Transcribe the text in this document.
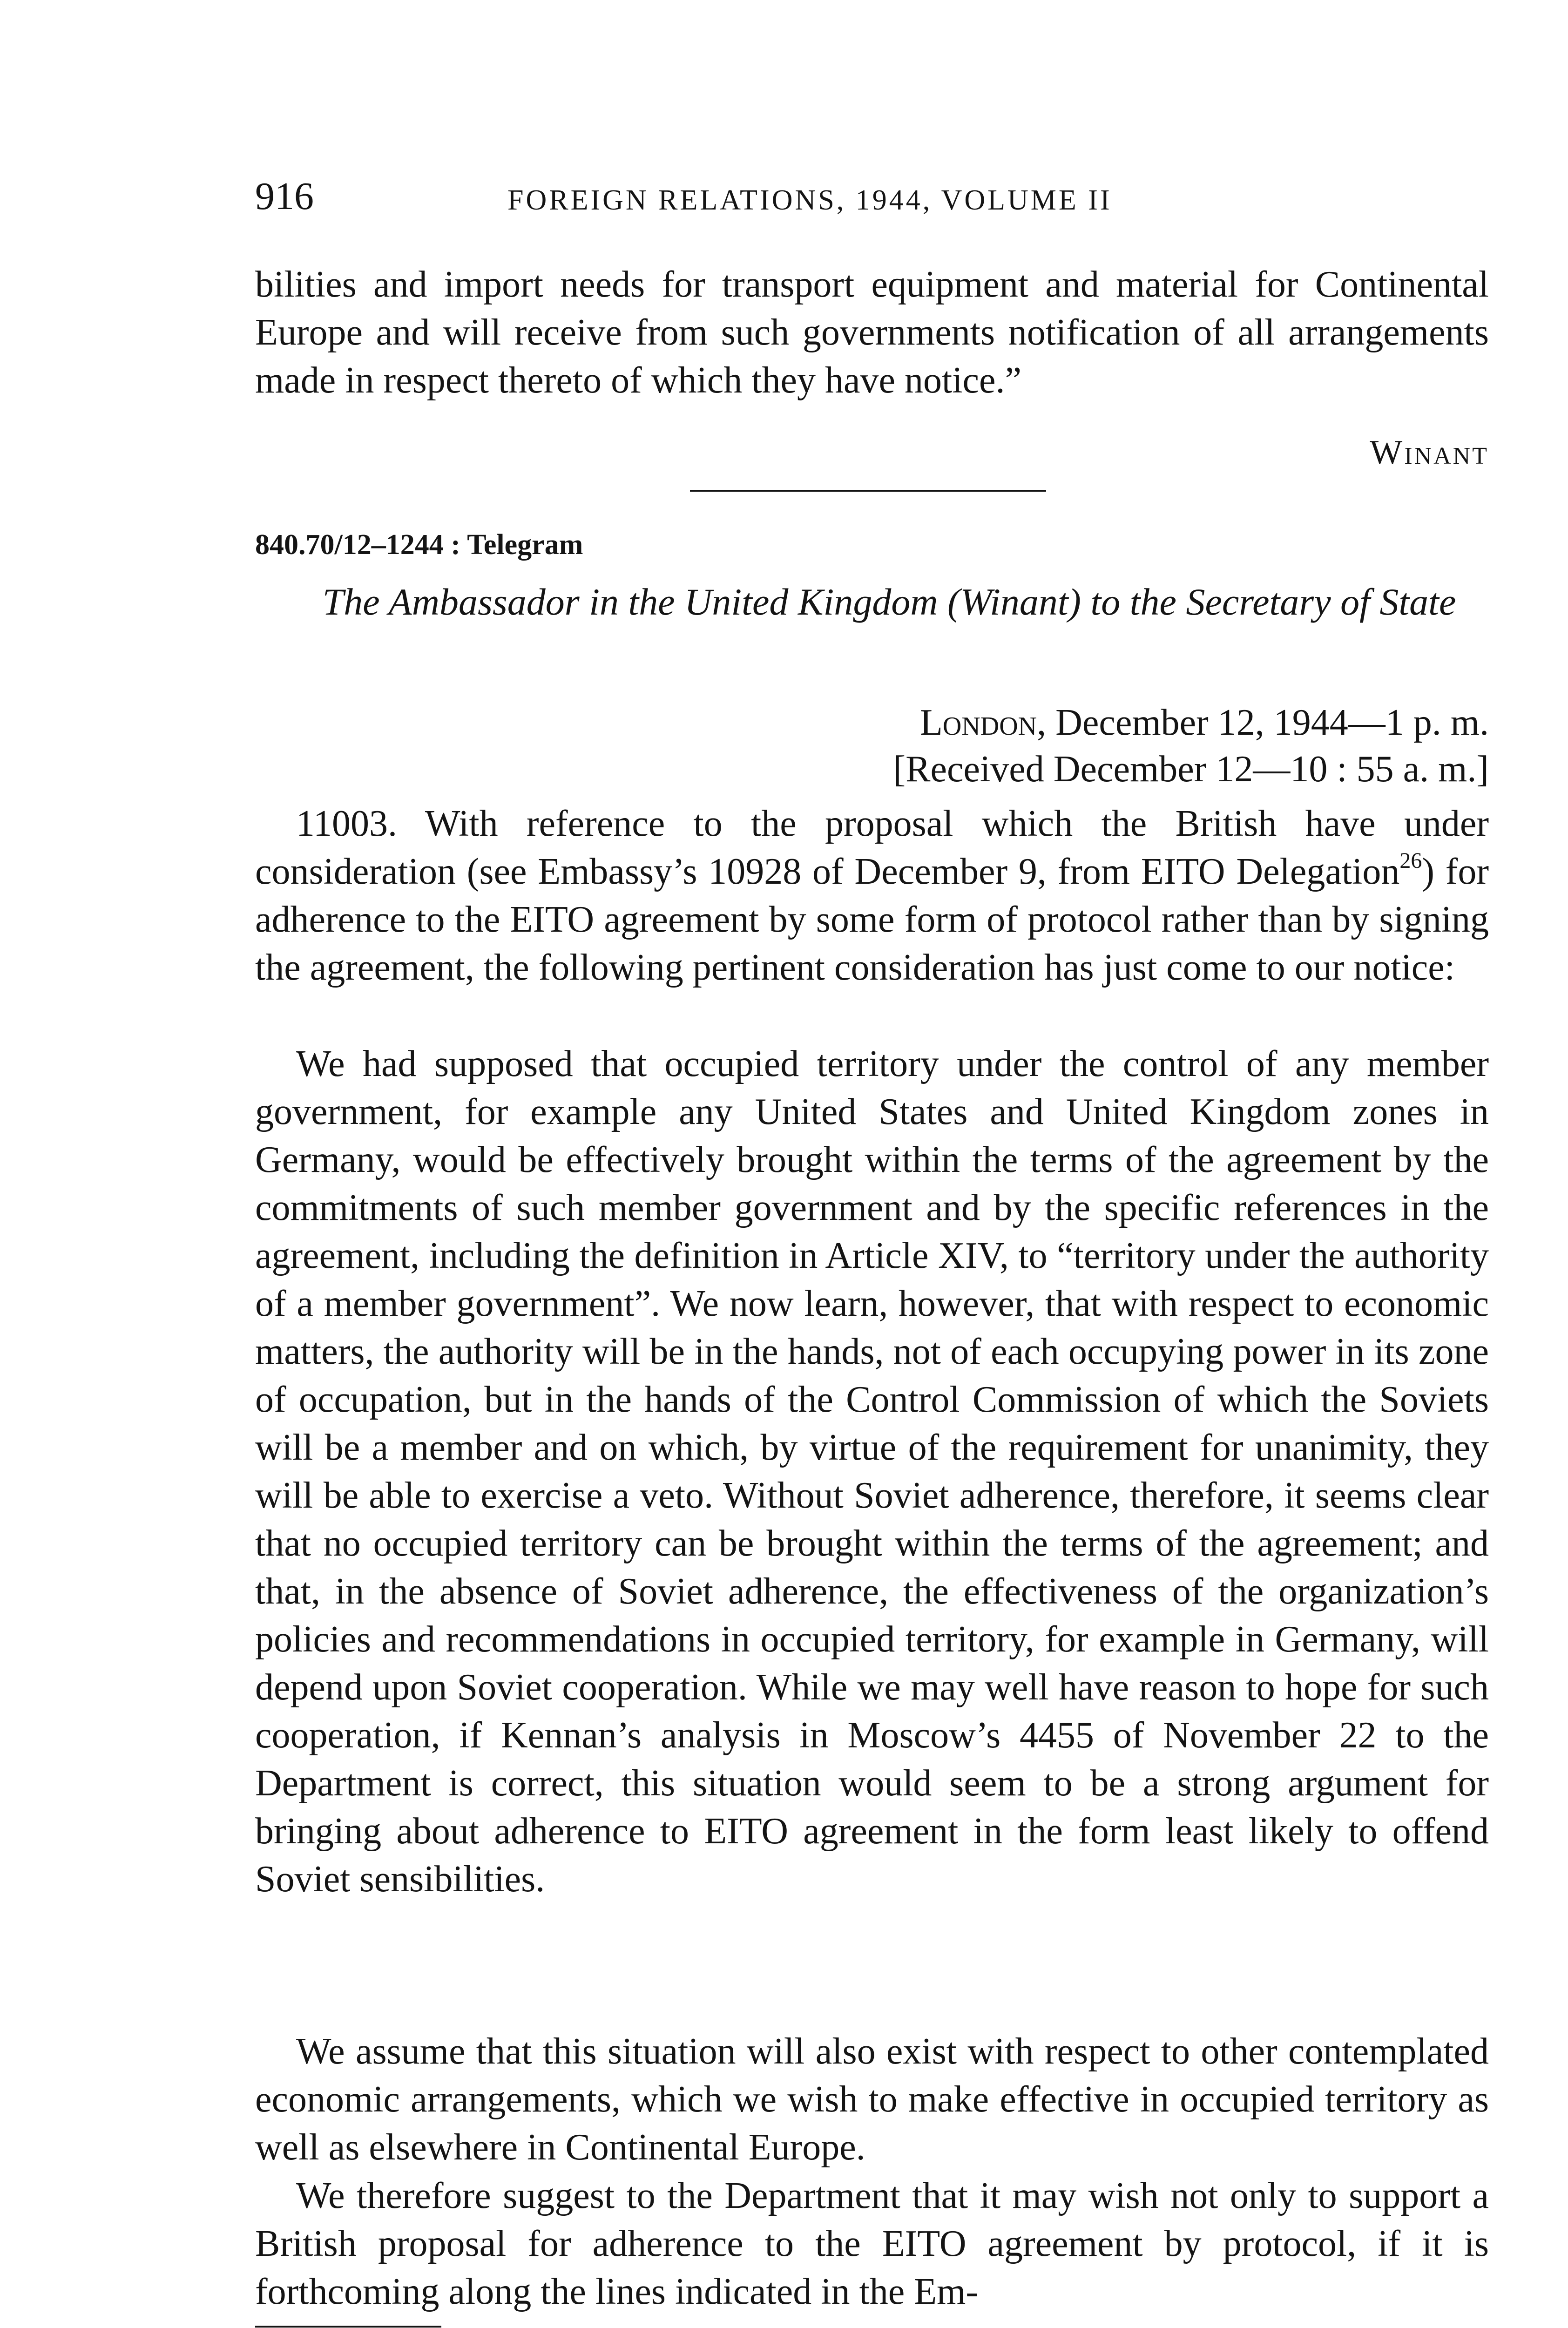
916	FOREIGN RELATIONS, 1944, VOLUME II

bilities and import needs for transport equipment and material for Continental Europe and will receive from such governments notification of all arrangements made in respect thereto of which they have notice.”

Winant

840.70/12–1244 : Telegram

The Ambassador in the United Kingdom (Winant) to the Secretary of State

London, December 12, 1944—1 p. m.
[Received December 12—10 : 55 a. m.]

11003. With reference to the proposal which the British have under consideration (see Embassy’s 10928 of December 9, from EITO Delegation$^{26}$) for adherence to the EITO agreement by some form of protocol rather than by signing the agreement, the following pertinent consideration has just come to our notice:

We had supposed that occupied territory under the control of any member government, for example any United States and United Kingdom zones in Germany, would be effectively brought within the terms of the agreement by the commitments of such member government and by the specific references in the agreement, including the definition in Article XIV, to “territory under the authority of a member government”. We now learn, however, that with respect to economic matters, the authority will be in the hands, not of each occupying power in its zone of occupation, but in the hands of the Control Commission of which the Soviets will be a member and on which, by virtue of the requirement for unanimity, they will be able to exercise a veto. Without Soviet adherence, therefore, it seems clear that no occupied territory can be brought within the terms of the agreement; and that, in the absence of Soviet adherence, the effectiveness of the organization’s policies and recommendations in occupied territory, for example in Germany, will depend upon Soviet cooperation. While we may well have reason to hope for such cooperation, if Kennan’s analysis in Moscow’s 4455 of November 22 to the Department is correct, this situation would seem to be a strong argument for bringing about adherence to EITO agreement in the form least likely to offend Soviet sensibilities.

We assume that this situation will also exist with respect to other contemplated economic arrangements, which we wish to make effective in occupied territory as well as elsewhere in Continental Europe.

We therefore suggest to the Department that it may wish not only to support a British proposal for adherence to the EITO agreement by protocol, if it is forthcoming along the lines indicated in the Em-
